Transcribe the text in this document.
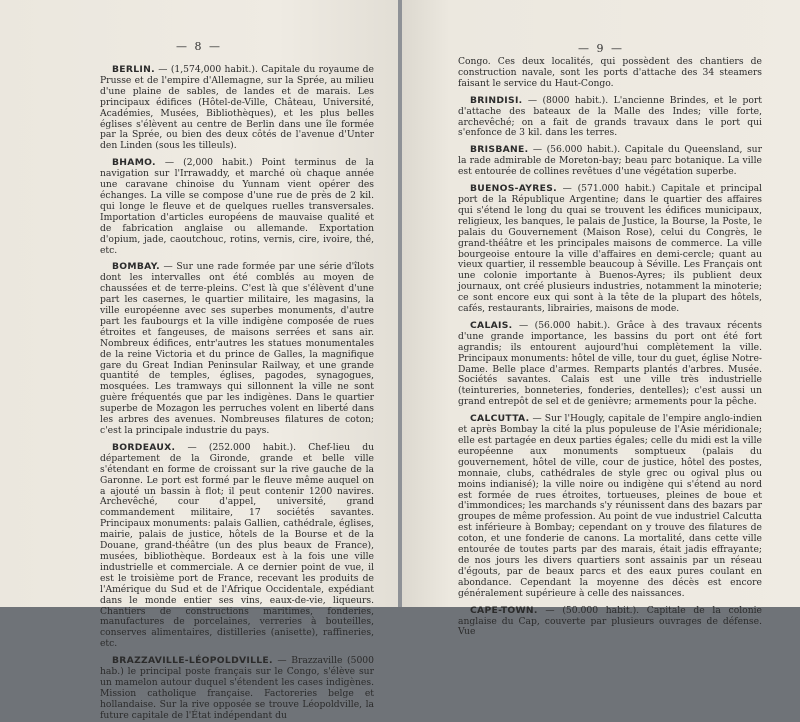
— 8 —

BERLIN. — (1,574,000 habit.). Capitale du royaume de Prusse et de l'empire d'Allemagne, sur la Sprée, au milieu d'une plaine de sables, de landes et de marais. Les principaux édifices (Hôtel-de-Ville, Château, Université, Académies, Musées, Bibliothèques), et les plus belles églises s'élèvent au centre de Berlin dans une île formée par la Sprée, ou bien des deux côtés de l'avenue d'Unter den Linden (sous les tilleuls).

BHAMO. — (2,000 habit.) Point terminus de la navigation sur l'Irrawaddy, et marché où chaque année une caravane chinoise du Yunnam vient opérer des échanges. La ville se compose d'une rue de près de 2 kil. qui longe le fleuve et de quelques ruelles transversales. Importation d'articles européens de mauvaise qualité et de fabrication anglaise ou allemande. Exportation d'opium, jade, caoutchouc, rotins, vernis, cire, ivoire, thé, etc.

BOMBAY. — Sur une rade formée par une série d'îlots dont les intervalles ont été comblés au moyen de chaussées et de terre-pleins. C'est là que s'élèvent d'une part les casernes, le quartier militaire, les magasins, la ville européenne avec ses superbes monuments, d'autre part les faubourgs et la ville indigène composée de rues étroites et fangeuses, de maisons serrées et sans air. Nombreux édifices, entr'autres les statues monumentales de la reine Victoria et du prince de Galles, la magnifique gare du Great Indian Peninsular Railway, et une grande quantité de temples, églises, pagodes, synagogues, mosquées. Les tramways qui sillonnent la ville ne sont guère fréquentés que par les indigènes. Dans le quartier superbe de Mozagon les perruches volent en liberté dans les arbres des avenues. Nombreuses filatures de coton; c'est la principale industrie du pays.

BORDEAUX. — (252.000 habit.). Chef-lieu du département de la Gironde, grande et belle ville s'étendant en forme de croissant sur la rive gauche de la Garonne. Le port est formé par le fleuve même auquel on a ajouté un bassin à flot; il peut contenir 1200 navires. Archevêché, cour d'appel, université, grand commandement militaire, 17 sociétés savantes. Principaux monuments: palais Gallien, cathédrale, églises, mairie, palais de justice, hôtels de la Bourse et de la Douane, grand-théâtre (un des plus beaux de France), musées, bibliothèque. Bordeaux est à la fois une ville industrielle et commerciale. A ce dernier point de vue, il est le troisième port de France, recevant les produits de l'Amérique du Sud et de l'Afrique Occidentale, expédiant dans le monde entier ses vins, eaux-de-vie, liqueurs. Chantiers de constructions maritimes, fonderies, manufactures de porcelaines, verreries à bouteilles, conserves alimentaires, distilleries (anisette), raffineries, etc.

BRAZZAVILLE-LÉOPOLDVILLE. — Brazzaville (5000 hab.) le principal poste français sur le Congo, s'élève sur un mamelon autour duquel s'étendent les cases indigènes. Mission catholique française. Factoreries belge et hollandaise. Sur la rive opposée se trouve Léopoldville, la future capitale de l'État indépendant du

— 9 —

Congo. Ces deux localités, qui possèdent des chantiers de construction navale, sont les ports d'attache des 34 steamers faisant le service du Haut-Congo.

BRINDISI. — (8000 habit.). L'ancienne Brindes, et le port d'attache des bateaux de la Malle des Indes; ville forte, archevêché; on a fait de grands travaux dans le port qui s'enfonce de 3 kil. dans les terres.

BRISBANE. — (56.000 habit.). Capitale du Queensland, sur la rade admirable de Moreton-bay; beau parc botanique. La ville est entourée de collines revêtues d'une végétation superbe.

BUENOS-AYRES. — (571.000 habit.) Capitale et principal port de la République Argentine; dans le quartier des affaires qui s'étend le long du quai se trouvent les édifices municipaux, religieux, les banques, le palais de Justice, la Bourse, la Poste, le palais du Gouvernement (Maison Rose), celui du Congrès, le grand-théâtre et les principales maisons de commerce. La ville bourgeoise entoure la ville d'affaires en demi-cercle; quant au vieux quartier, il ressemble beaucoup à Séville. Les Français ont une colonie importante à Buenos-Ayres; ils publient deux journaux, ont créé plusieurs industries, notamment la minoterie; ce sont encore eux qui sont à la tête de la plupart des hôtels, cafés, restaurants, librairies, maisons de mode.

CALAIS. — (56.000 habit.). Grâce à des travaux récents d'une grande importance, les bassins du port ont été fort agrandis; ils entourent aujourd'hui complètement la ville. Principaux monuments: hôtel de ville, tour du guet, église Notre-Dame. Belle place d'armes. Remparts plantés d'arbres. Musée. Sociétés savantes. Calais est une ville très industrielle (teintureries, bonneteries, fonderies, dentelles); c'est aussi un grand entrepôt de sel et de genièvre; armements pour la pêche.

CALCUTTA. — Sur l'Hougly, capitale de l'empire anglo-indien et après Bombay la cité la plus populeuse de l'Asie méridionale; elle est partagée en deux parties égales; celle du midi est la ville européenne aux monuments somptueux (palais du gouvernement, hôtel de ville, cour de justice, hôtel des postes, monnaie, clubs, cathédrales de style grec ou ogival plus ou moins indianisé); la ville noire ou indigène qui s'étend au nord est formée de rues étroites, tortueuses, pleines de boue et d'immondices; les marchands s'y réunissent dans des bazars par groupes de même profession. Au point de vue industriel Calcutta est inférieure à Bombay; cependant on y trouve des filatures de coton, et une fonderie de canons. La mortalité, dans cette ville entourée de toutes parts par des marais, était jadis effrayante; de nos jours les divers quartiers sont assainis par un réseau d'égouts, par de beaux parcs et des eaux pures coulant en abondance. Cependant la moyenne des décès est encore généralement supérieure à celle des naissances.

CAPE-TOWN. — (50.000 habit.). Capitale de la colonie anglaise du Cap, couverte par plusieurs ouvrages de défense. Vue
